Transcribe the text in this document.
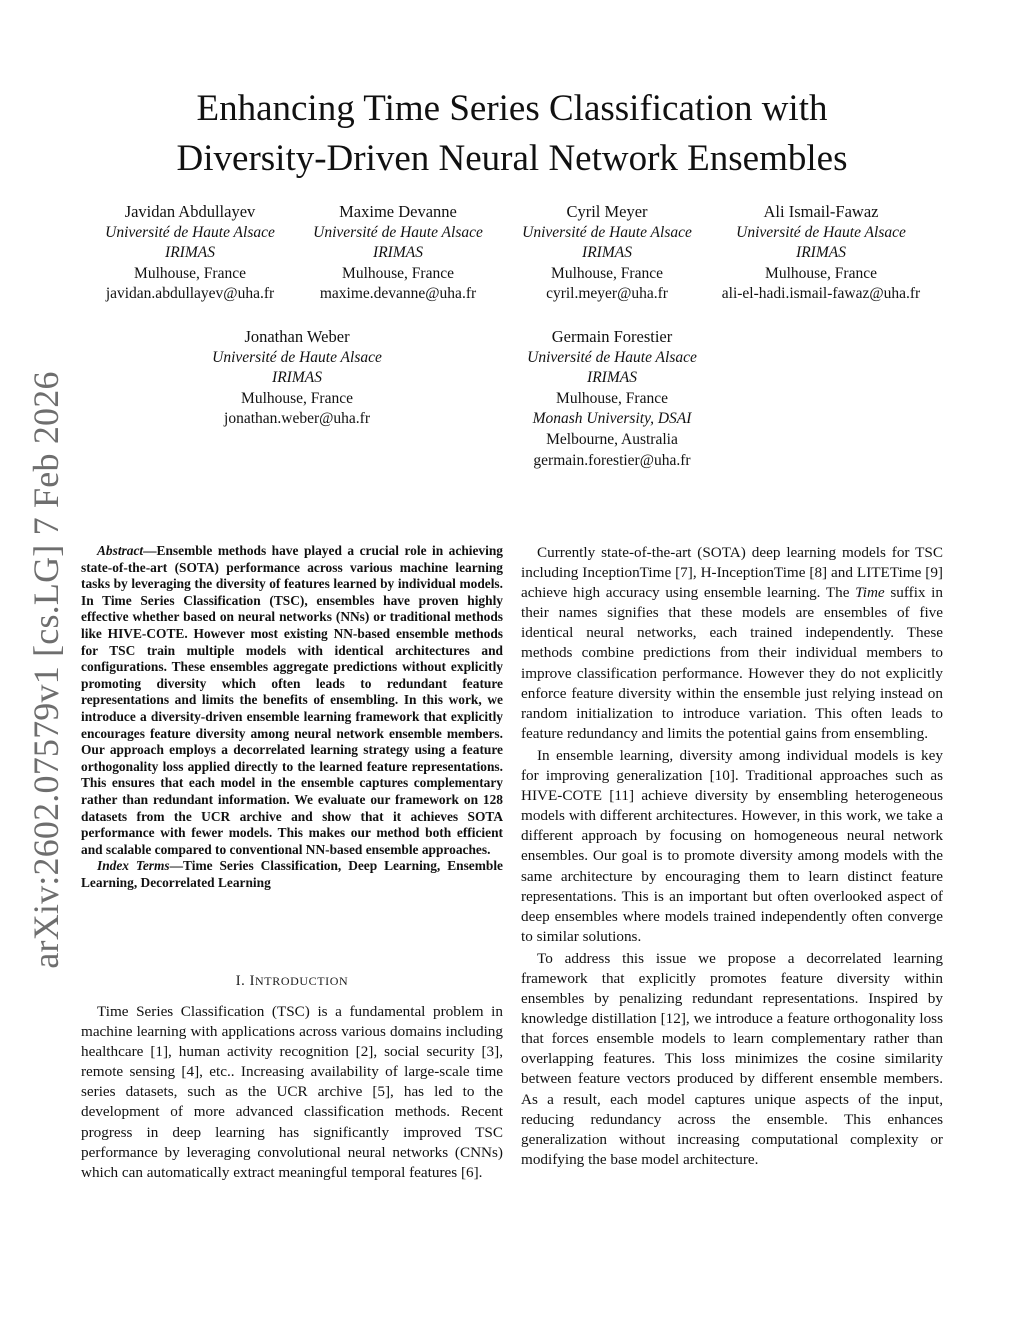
arXiv:2602.07579v1 [cs.LG] 7 Feb 2026
Enhancing Time Series Classification with
Diversity-Driven Neural Network Ensembles
Javidan Abdullayev
Université de Haute Alsace
IRIMAS
Mulhouse, France
javidan.abdullayev@uha.fr
Maxime Devanne
Université de Haute Alsace
IRIMAS
Mulhouse, France
maxime.devanne@uha.fr
Cyril Meyer
Université de Haute Alsace
IRIMAS
Mulhouse, France
cyril.meyer@uha.fr
Ali Ismail-Fawaz
Université de Haute Alsace
IRIMAS
Mulhouse, France
ali-el-hadi.ismail-fawaz@uha.fr
Jonathan Weber
Université de Haute Alsace
IRIMAS
Mulhouse, France
jonathan.weber@uha.fr
Germain Forestier
Université de Haute Alsace
IRIMAS
Mulhouse, France
Monash University, DSAI
Melbourne, Australia
germain.forestier@uha.fr

Abstract—Ensemble methods have played a crucial role in achieving state-of-the-art (SOTA) performance across various machine learning tasks by leveraging the diversity of features learned by individual models. In Time Series Classification (TSC), ensembles have proven highly effective whether based on neural networks (NNs) or traditional methods like HIVE-COTE. However most existing NN-based ensemble methods for TSC train multiple models with identical architectures and configurations. These ensembles aggregate predictions without explicitly promoting diversity which often leads to redundant feature representations and limits the benefits of ensembling. In this work, we introduce a diversity-driven ensemble learning framework that explicitly encourages feature diversity among neural network ensemble members. Our approach employs a decorrelated learning strategy using a feature orthogonality loss applied directly to the learned feature representations. This ensures that each model in the ensemble captures complementary rather than redundant information. We evaluate our framework on 128 datasets from the UCR archive and show that it achieves SOTA performance with fewer models. This makes our method both efficient and scalable compared to conventional NN-based ensemble approaches.

Index Terms—Time Series Classification, Deep Learning, Ensemble Learning, Decorrelated Learning

I. INTRODUCTION

Time Series Classification (TSC) is a fundamental problem in machine learning with applications across various domains including healthcare [1], human activity recognition [2], social security [3], remote sensing [4], etc.. Increasing availability of large-scale time series datasets, such as the UCR archive [5], has led to the development of more advanced classification methods. Recent progress in deep learning has significantly improved TSC performance by leveraging convolutional neural networks (CNNs) which can automatically extract meaningful temporal features [6].

Currently state-of-the-art (SOTA) deep learning models for TSC including InceptionTime [7], H-InceptionTime [8] and LITETime [9] achieve high accuracy using ensemble learning. The Time suffix in their names signifies that these models are ensembles of five identical neural networks, each trained independently. These methods combine predictions from their individual members to improve classification performance. However they do not explicitly enforce feature diversity within the ensemble just relying instead on random initialization to introduce variation. This often leads to feature redundancy and limits the potential gains from ensembling.

In ensemble learning, diversity among individual models is key for improving generalization [10]. Traditional approaches such as HIVE-COTE [11] achieve diversity by ensembling heterogeneous models with different architectures. However, in this work, we take a different approach by focusing on homogeneous neural network ensembles. Our goal is to promote diversity among models with the same architecture by encouraging them to learn distinct feature representations. This is an important but often overlooked aspect of deep ensembles where models trained independently often converge to similar solutions.

To address this issue we propose a decorrelated learning framework that explicitly promotes feature diversity within ensembles by penalizing redundant representations. Inspired by knowledge distillation [12], we introduce a feature orthogonality loss that forces ensemble models to learn complementary rather than overlapping features. This loss minimizes the cosine similarity between feature vectors produced by different ensemble members. As a result, each model captures unique aspects of the input, reducing redundancy across the ensemble. This enhances generalization without increasing computational complexity or modifying the base model architecture.
